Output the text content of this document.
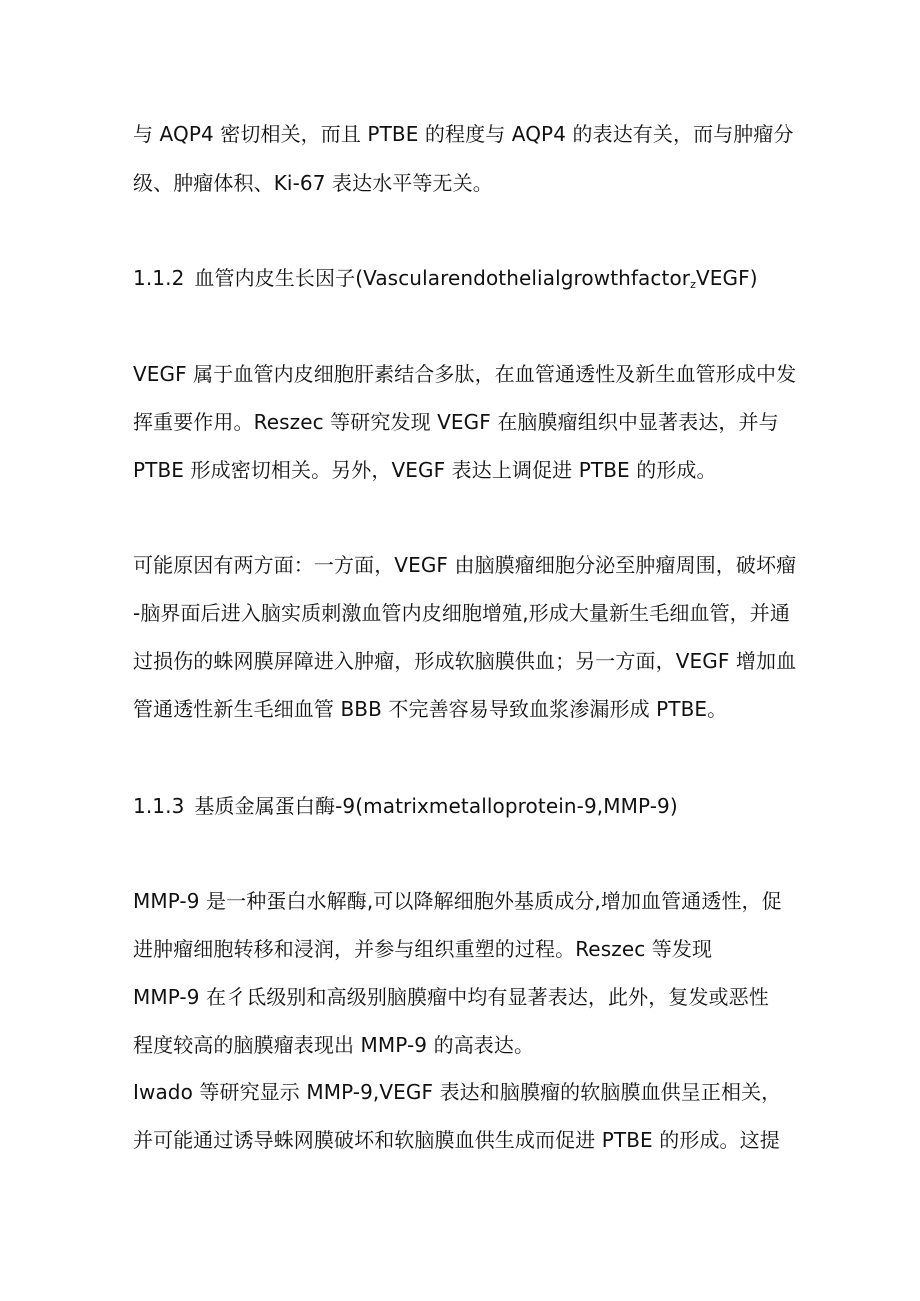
与 AQP4 密切相关，而且 PTBE 的程度与 AQP4 的表达有关，而与肿瘤分
级、肿瘤体积、Ki-67 表达水平等无关。
1.1.2 血管内皮生长因子(Vascularendothelialgrowthfactor$_z$VEGF)
VEGF 属于血管内皮细胞肝素结合多肽，在血管通透性及新生血管形成中发
挥重要作用。Reszec 等研究发现 VEGF 在脑膜瘤组织中显著表达，并与
PTBE 形成密切相关。另外，VEGF 表达上调促进 PTBE 的形成。
可能原因有两方面：一方面，VEGF 由脑膜瘤细胞分泌至肿瘤周围，破坏瘤
-脑界面后进入脑实质刺激血管内皮细胞增殖,形成大量新生毛细血管，并通
过损伤的蛛网膜屏障进入肿瘤，形成软脑膜供血；另一方面，VEGF 增加血
管通透性新生毛细血管 BBB 不完善容易导致血浆渗漏形成 PTBE。
1.1.3 基质金属蛋白酶-9(matrixmetalloprotein-9,MMP-9)
MMP-9 是一种蛋白水解酶,可以降解细胞外基质成分,增加血管通透性，促
进肿瘤细胞转移和浸润，并参与组织重塑的过程。Reszec 等发现
MMP-9 在彳氐级别和高级别脑膜瘤中均有显著表达，此外，复发或恶性
程度较高的脑膜瘤表现出 MMP-9 的高表达。
Iwado 等研究显示 MMP-9,VEGF 表达和脑膜瘤的软脑膜血供呈正相关，
并可能通过诱导蛛网膜破坏和软脑膜血供生成而促进 PTBE 的形成。这提
